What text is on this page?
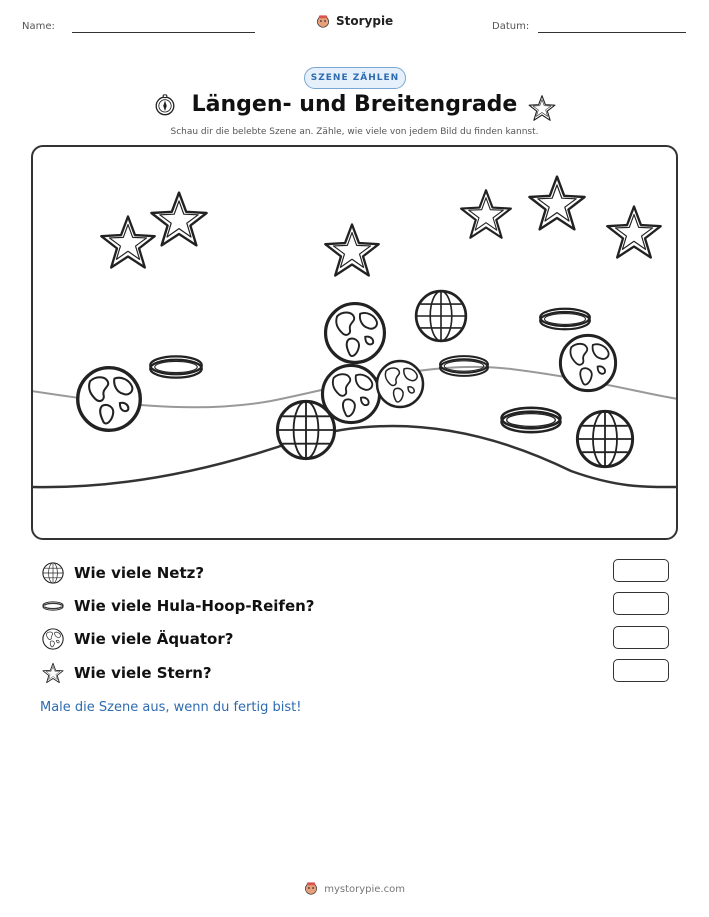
Name:	Storypie	Datum:
SZENE ZÄHLEN
Längen- und Breitengrade
Schau dir die belebte Szene an. Zähle, wie viele von jedem Bild du finden kannst.
Wie viele Netz?
Wie viele Hula-Hoop-Reifen?
Wie viele Äquator?
Wie viele Stern?
Male die Szene aus, wenn du fertig bist!
mystorypie.com
